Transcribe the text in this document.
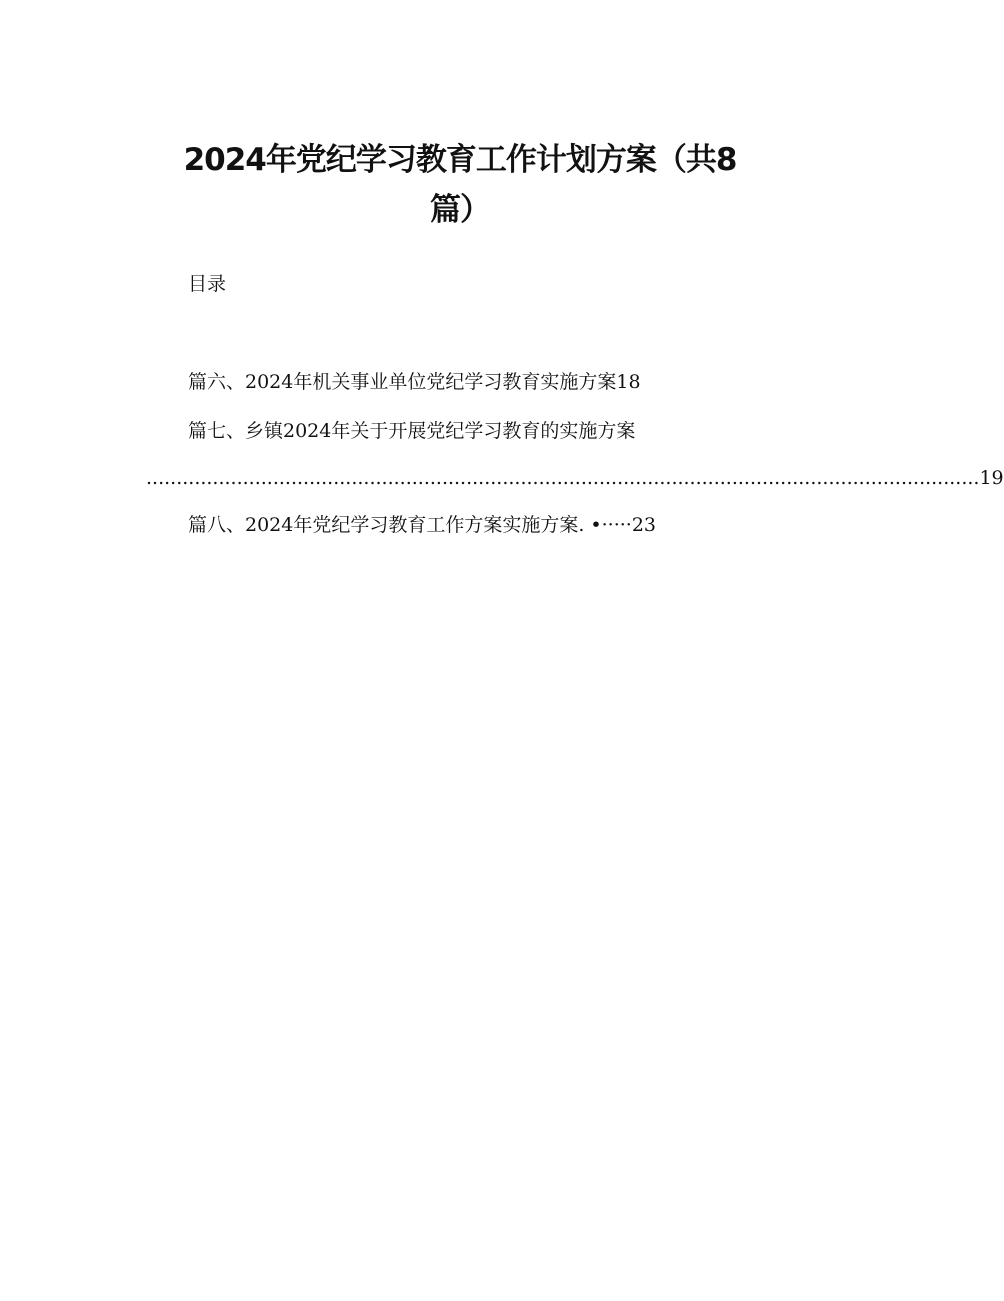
2024年党纪学习教育工作计划方案（共8
篇）
目录
篇六、2024年机关事业单位党纪学习教育实施方案18
篇七、乡镇2024年关于开展党纪学习教育的实施方案
.......................................................................................................................................... 19
篇八、2024年党纪学习教育工作方案实施方案. •·····23
